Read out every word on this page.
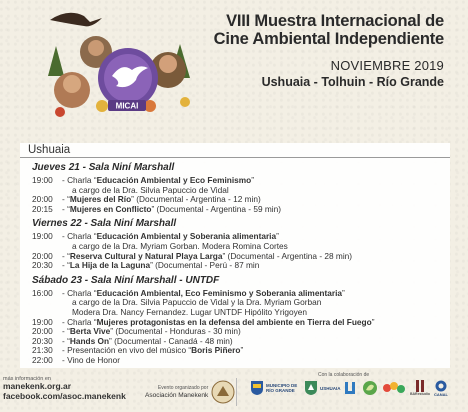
MICAI
VIII Muestra Internacional de
Cine Ambiental Independiente
NOVIEMBRE 2019
Ushuaia - Tolhuin - Río Grande
Ushuaia
Jueves 21 - Sala Niní Marshall
19:00	- Charla “Educación Ambiental y Eco Feminismo”
a cargo de la Dra. Silvia Papuccio de Vidal
20:00	- “Mujeres del Río” (Documental - Argentina - 12 min)
20:15	- “Mujeres en Conflicto” (Documental - Argentina - 59 min)
Viernes 22 - Sala Niní Marshall
19:00	- Charla “Educación Ambiental y Soberania alimentaria”
a cargo de la Dra. Myriam Gorban. Modera Romina Cortes
20:00	- “Reserva Cultural y Natural Playa Larga” (Documental - Argentina - 28 min)
20:30	- “La Hija de la Laguna” (Documental - Perú - 87 min
Sábado 23 - Sala Niní Marshall - UNTDF
16:00	- Charla “Educación Ambiental, Eco Feminismo y Soberania alimentaria”
a cargo de la Dra. Silvia Papuccio de Vidal y la Dra. Myriam Gorban
Modera Dra. Nancy Fernandez. Lugar UNTDF Hipólito Yrigoyen
19:00	- Charla “Mujeres protagonistas en la defensa del ambiente en Tierra del Fuego”
20:00	- “Berta Vive” (Documental - Honduras - 30 min)
20:30	- “Hands On” (Documental - Canadá - 48 min)
21:30	- Presentación en vivo del músico “Boris Piñero”
22:00	- Vino de Honor
más información en
manekenk.org.ar
facebook.com/asoc.manekenk
Evento organizado por
Asociación Manekenk
Con la colaboración de
MUNICIPIO DE
RÍO GRANDE	USHUAIA
BARestudio CANAL
